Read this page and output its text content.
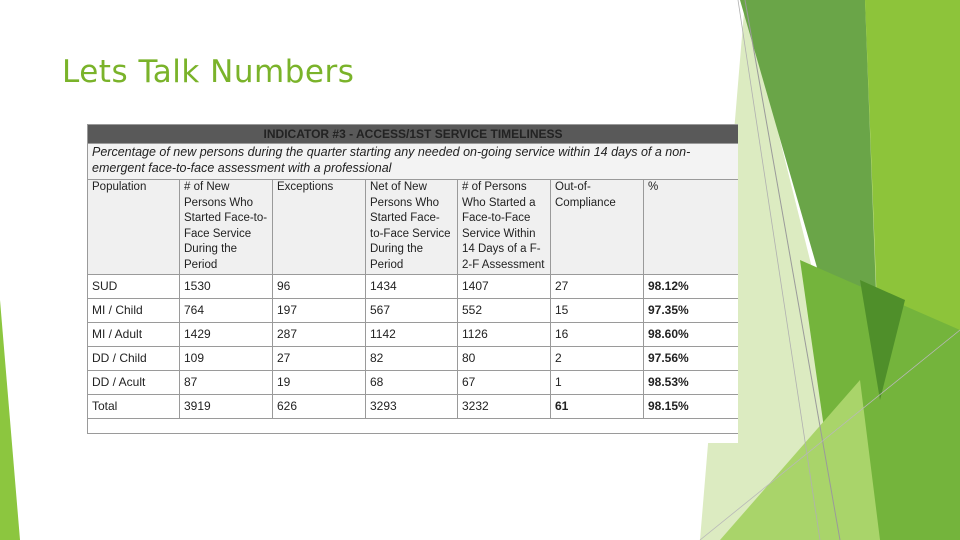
Lets Talk Numbers
INDICATOR #3 - ACCESS/1ST SERVICE TIMELINESS						
Percentage of new persons during the quarter starting any needed on-going service within 14 days of a non-emergent face-to-face assessment with a professional						
Population	# of New Persons Who Started Face-to-Face Service During the Period	Exceptions	Net of New Persons Who Started Face-to-Face Service During the Period	# of Persons Who Started a Face-to-Face Service Within 14 Days of a F-2-F Assessment	Out-of-Compliance	%
SUD	1530	96	1434	1407	27	98.12%
MI / Child	764	197	567	552	15	97.35%
MI / Adult	1429	287	1142	1126	16	98.60%
DD / Child	109	27	82	80	2	97.56%
DD / Acult	87	19	68	67	1	98.53%
Total	3919	626	3293	3232	61	98.15%
